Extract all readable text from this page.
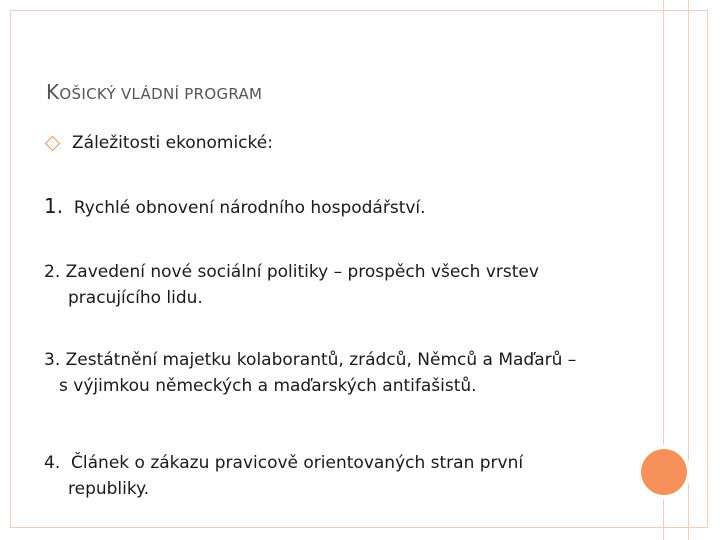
KOŠICKÝ VLÁDNÍ PROGRAM
Záležitosti ekonomické:
1. Rychlé obnovení národního hospodářství.
2. Zavedení nové sociální politiky – prospěch všech vrstev
pracujícího lidu.
3. Zestátnění majetku kolaborantů, zrádců, Němců a Maďarů –
s výjimkou německých a maďarských antifašistů.
4. Článek o zákazu pravicově orientovaných stran první
republiky.
